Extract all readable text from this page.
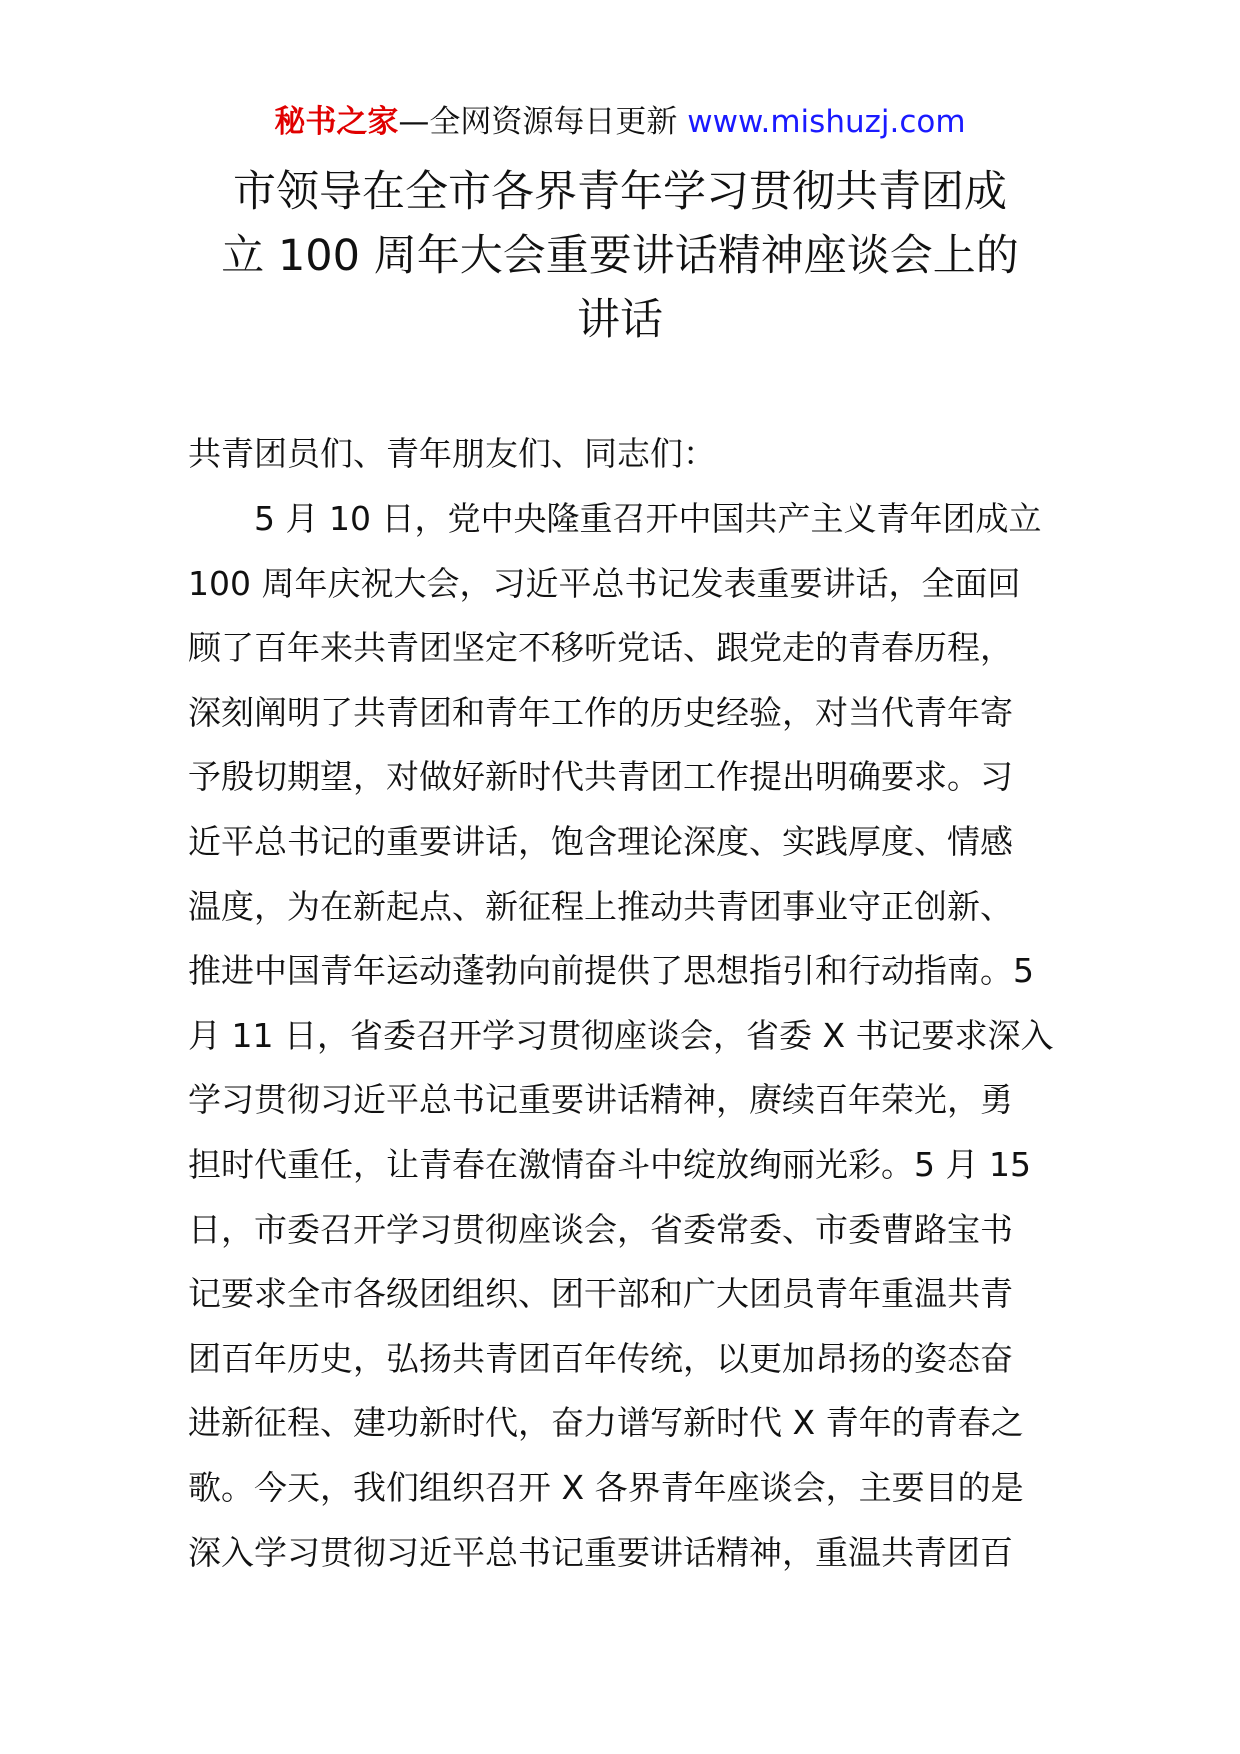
秘书之家—全网资源每日更新 www.mishuzj.com
市领导在全市各界青年学习贯彻共青团成
立 100 周年大会重要讲话精神座谈会上的
讲话
共青团员们、青年朋友们、同志们：
5 月 10 日，党中央隆重召开中国共产主义青年团成立
100 周年庆祝大会，习近平总书记发表重要讲话，全面回
顾了百年来共青团坚定不移听党话、跟党走的青春历程，
深刻阐明了共青团和青年工作的历史经验，对当代青年寄
予殷切期望，对做好新时代共青团工作提出明确要求。习
近平总书记的重要讲话，饱含理论深度、实践厚度、情感
温度，为在新起点、新征程上推动共青团事业守正创新、
推进中国青年运动蓬勃向前提供了思想指引和行动指南。5
月 11 日，省委召开学习贯彻座谈会，省委 X 书记要求深入
学习贯彻习近平总书记重要讲话精神，赓续百年荣光，勇
担时代重任，让青春在激情奋斗中绽放绚丽光彩。5 月 15
日，市委召开学习贯彻座谈会，省委常委、市委曹路宝书
记要求全市各级团组织、团干部和广大团员青年重温共青
团百年历史，弘扬共青团百年传统，以更加昂扬的姿态奋
进新征程、建功新时代，奋力谱写新时代 X 青年的青春之
歌。今天，我们组织召开 X 各界青年座谈会，主要目的是
深入学习贯彻习近平总书记重要讲话精神，重温共青团百
